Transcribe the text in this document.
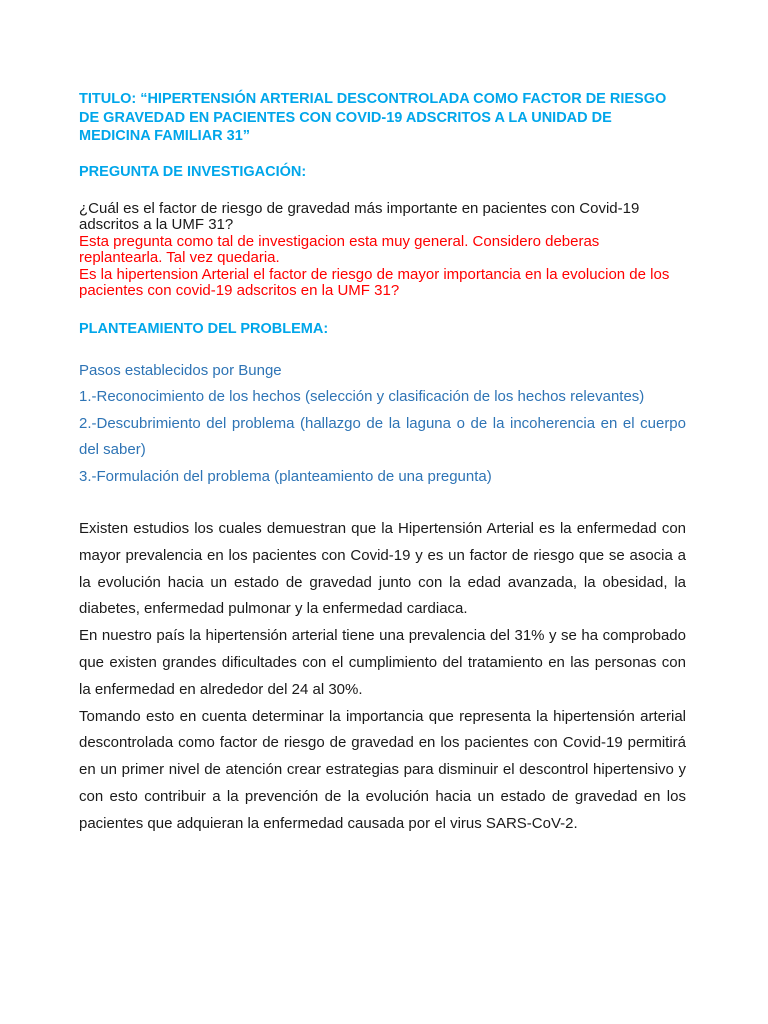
TITULO: “HIPERTENSIÓN ARTERIAL DESCONTROLADA COMO FACTOR DE RIESGO DE GRAVEDAD EN PACIENTES CON COVID-19 ADSCRITOS A LA UNIDAD DE MEDICINA FAMILIAR 31”
PREGUNTA DE INVESTIGACIÓN:

¿Cuál es el factor de riesgo de gravedad más importante en pacientes con Covid-19 adscritos a la UMF 31?

Esta pregunta como tal de investigacion esta muy general. Considero deberas replantearla. Tal vez quedaria.

Es la hipertension Arterial el factor de riesgo de mayor importancia en la evolucion de los pacientes con covid-19 adscritos en la UMF 31?

PLANTEAMIENTO DEL PROBLEMA:

Pasos establecidos por Bunge

1.-Reconocimiento de los hechos (selección y clasificación de los hechos relevantes)

2.-Descubrimiento del problema (hallazgo de la laguna o de la incoherencia en el cuerpo del saber)

3.-Formulación del problema (planteamiento de una pregunta)

Existen estudios los cuales demuestran que la Hipertensión Arterial es la enfermedad con mayor prevalencia en los pacientes con Covid-19 y es un factor de riesgo que se asocia a la evolución hacia un estado de gravedad junto con la edad avanzada, la obesidad, la diabetes, enfermedad pulmonar y la enfermedad cardiaca.

En nuestro país la hipertensión arterial tiene una prevalencia del 31% y se ha comprobado que existen grandes dificultades con el cumplimiento del tratamiento en las personas con la enfermedad en alrededor del 24 al 30%.

Tomando esto en cuenta determinar la importancia que representa la hipertensión arterial descontrolada como factor de riesgo de gravedad en los pacientes con Covid-19 permitirá en un primer nivel de atención crear estrategias para disminuir el descontrol hipertensivo y con esto contribuir a la prevención de la evolución hacia un estado de gravedad en los pacientes que adquieran la enfermedad causada por el virus SARS-CoV-2.
